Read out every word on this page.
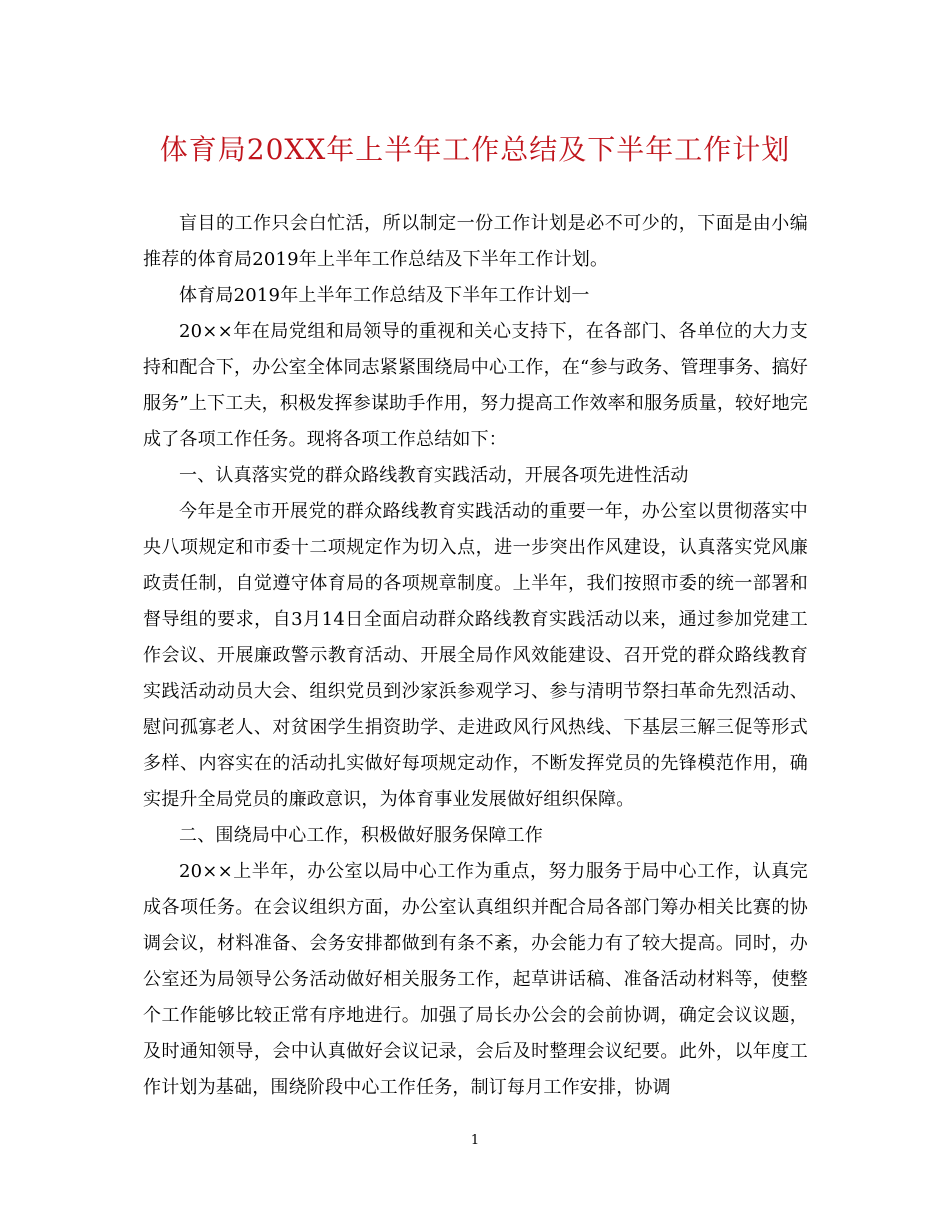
体育局20XX年上半年工作总结及下半年工作计划

盲目的工作只会白忙活，所以制定一份工作计划是必不可少的，下面是由小编推荐的体育局2019年上半年工作总结及下半年工作计划。

体育局2019年上半年工作总结及下半年工作计划一

20××年在局党组和局领导的重视和关心支持下，在各部门、各单位的大力支持和配合下，办公室全体同志紧紧围绕局中心工作，在“参与政务、管理事务、搞好服务”上下工夫，积极发挥参谋助手作用，努力提高工作效率和服务质量，较好地完成了各项工作任务。现将各项工作总结如下：

一、认真落实党的群众路线教育实践活动，开展各项先进性活动

今年是全市开展党的群众路线教育实践活动的重要一年，办公室以贯彻落实中央八项规定和市委十二项规定作为切入点，进一步突出作风建设，认真落实党风廉政责任制，自觉遵守体育局的各项规章制度。上半年，我们按照市委的统一部署和督导组的要求，自3月14日全面启动群众路线教育实践活动以来，通过参加党建工作会议、开展廉政警示教育活动、开展全局作风效能建设、召开党的群众路线教育实践活动动员大会、组织党员到沙家浜参观学习、参与清明节祭扫革命先烈活动、慰问孤寡老人、对贫困学生捐资助学、走进政风行风热线、下基层三解三促等形式多样、内容实在的活动扎实做好每项规定动作，不断发挥党员的先锋模范作用，确实提升全局党员的廉政意识，为体育事业发展做好组织保障。

二、围绕局中心工作，积极做好服务保障工作

20××上半年，办公室以局中心工作为重点，努力服务于局中心工作，认真完成各项任务。在会议组织方面，办公室认真组织并配合局各部门筹办相关比赛的协调会议，材料准备、会务安排都做到有条不紊，办会能力有了较大提高。同时，办公室还为局领导公务活动做好相关服务工作，起草讲话稿、准备活动材料等，使整个工作能够比较正常有序地进行。加强了局长办公会的会前协调，确定会议议题，及时通知领导，会中认真做好会议记录，会后及时整理会议纪要。此外，以年度工作计划为基础，围绕阶段中心工作任务，制订每月工作安排，协调

1
